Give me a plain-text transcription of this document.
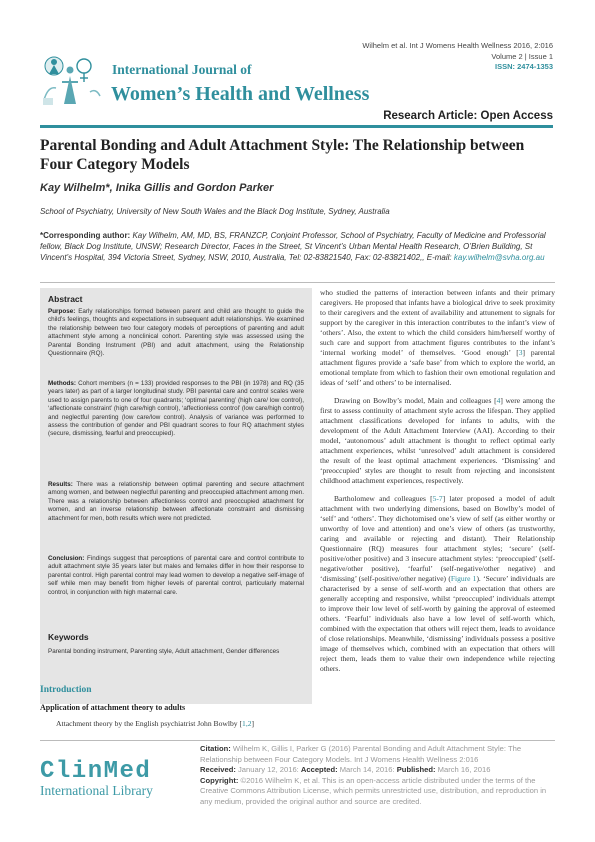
International Journal of
Women’s Health and Wellness
Wilhelm et al. Int J Womens Health Wellness 2016, 2:016
Volume 2 | Issue 1
ISSN: 2474-1353
Research Article: Open Access
Parental Bonding and Adult Attachment Style: The Relationship between Four Category Models
Kay Wilhelm*, Inika Gillis and Gordon Parker
School of Psychiatry, University of New South Wales and the Black Dog Institute, Sydney, Australia
*Corresponding author: Kay Wilhelm, AM, MD, BS, FRANZCP, Conjoint Professor, School of Psychiatry, Faculty of Medicine and Professorial fellow, Black Dog Institute, UNSW; Research Director, Faces in the Street, St Vincent’s Urban Mental Health Research, O’Brien Building, St Vincent’s Hospital, 394 Victoria Street, Sydney, NSW, 2010, Australia, Tel: 02-83821540, Fax: 02-83821402,, E-mail: kay.wilhelm@svha.org.au
Abstract
Purpose: Early relationships formed between parent and child are thought to guide the child’s feelings, thoughts and expectations in subsequent adult relationships. We examined the relationship between two four category models of perceptions of parenting and adult attachment style among a nonclinical cohort. Parenting style was assessed using the Parental Bonding Instrument (PBI) and adult attachment, using the Relationship Questionnaire (RQ).
Methods: Cohort members (n = 133) provided responses to the PBI (in 1978) and RQ (35 years later) as part of a larger longitudinal study. PBI parental care and control scales were used to assign parents to one of four quadrants; ‘optimal parenting’ (high care/ low control), ‘affectionate constraint’ (high care/high control), ‘affectionless control’ (low care/high control) and neglectful parenting (low care/low control). Analysis of variance was performed to assess the contribution of gender and PBI quadrant scores to four RQ attachment styles (secure, dismissing, fearful and preoccupied).
Results: There was a relationship between optimal parenting and secure attachment among women, and between neglectful parenting and preoccupied attachment among men. There was a relationship between affectionless control and preoccupied attachment for women, and an inverse relationship between affectionate constraint and dismissing attachment for men, both results which were not predicted.
Conclusion: Findings suggest that perceptions of parental care and control contribute to adult attachment style 35 years later but males and females differ in how their response to parental control. High parental control may lead women to develop a negative self-image of self while men may benefit from higher levels of parental control, particularly maternal control, in conjunction with high maternal care.
Keywords
Parental bonding instrument, Parenting style, Adult attachment, Gender differences
Introduction
Application of attachment theory to adults
Attachment theory by the English psychiatrist John Bowlby [1,2]

who studied the patterns of interaction between infants and their primary caregivers. He proposed that infants have a biological drive to seek proximity to their caregivers and the extent of availability and attunement to signals for support by the caregiver in this interaction contributes to the infant’s view of ‘others’. Also, the extent to which the child considers him/herself worthy of such care and support from attachment figures contributes to the infant’s ‘internal working model’ of themselves. ‘Good enough’ [3] parental attachment figures provide a ‘safe base’ from which to explore the world, an emotional template from which to fashion their own emotional regulation and ideas of ‘self’ and others’ to be internalised.

Drawing on Bowlby’s model, Main and colleagues [4] were among the first to assess continuity of attachment style across the lifespan. They applied attachment classifications developed for infants to adults, with the development of the Adult Attachment Interview (AAI). According to their model, ‘autonomous’ adult attachment is thought to reflect optimal early attachment experiences, whilst ‘unresolved’ adult attachment is considered the result of the least optimal attachment experiences. ‘Dismissing’ and ‘preoccupied’ styles are thought to result from rejecting and inconsistent childhood attachment experiences, respectively.

Bartholomew and colleagues [5-7] later proposed a model of adult attachment with two underlying dimensions, based on Bowlby’s model of ‘self’ and ‘others’. They dichotomised one’s view of self (as either worthy or unworthy of love and attention) and one’s view of others (as trustworthy, caring and available or rejecting and distant). Their Relationship Questionnaire (RQ) measures four attachment styles; ‘secure’ (self-positive/other positive) and 3 insecure attachment styles: ‘preoccupied’ (self-negative/other positive), ‘fearful’ (self-negative/other negative) and ‘dismissing’ (self-positive/other negative) (Figure 1). ‘Secure’ individuals are characterised by a sense of self-worth and an expectation that others are generally accepting and responsive, whilst ‘preoccupied’ individuals attempt to improve their low level of self-worth by gaining the approval of esteemed others. ‘Fearful’ individuals also have a low level of self-worth which, combined with the expectation that others will reject them, leads to avoidance of close relationships. Meanwhile, ‘dismissing’ individuals possess a positive image of themselves which, combined with an expectation that others will reject them, leads them to value their own independence while rejecting others.

ClinMed
International Library
Citation: Wilhelm K, Gillis I, Parker G (2016) Parental Bonding and Adult Attachment Style: The Relationship between Four Category Models. Int J Womens Health Wellness 2:016
Received: January 12, 2016: Accepted: March 14, 2016: Published: March 16, 2016
Copyright: ©2016 Wilhelm K, et al. This is an open-access article distributed under the terms of the Creative Commons Attribution License, which permits unrestricted use, distribution, and reproduction in any medium, provided the original author and source are credited.
